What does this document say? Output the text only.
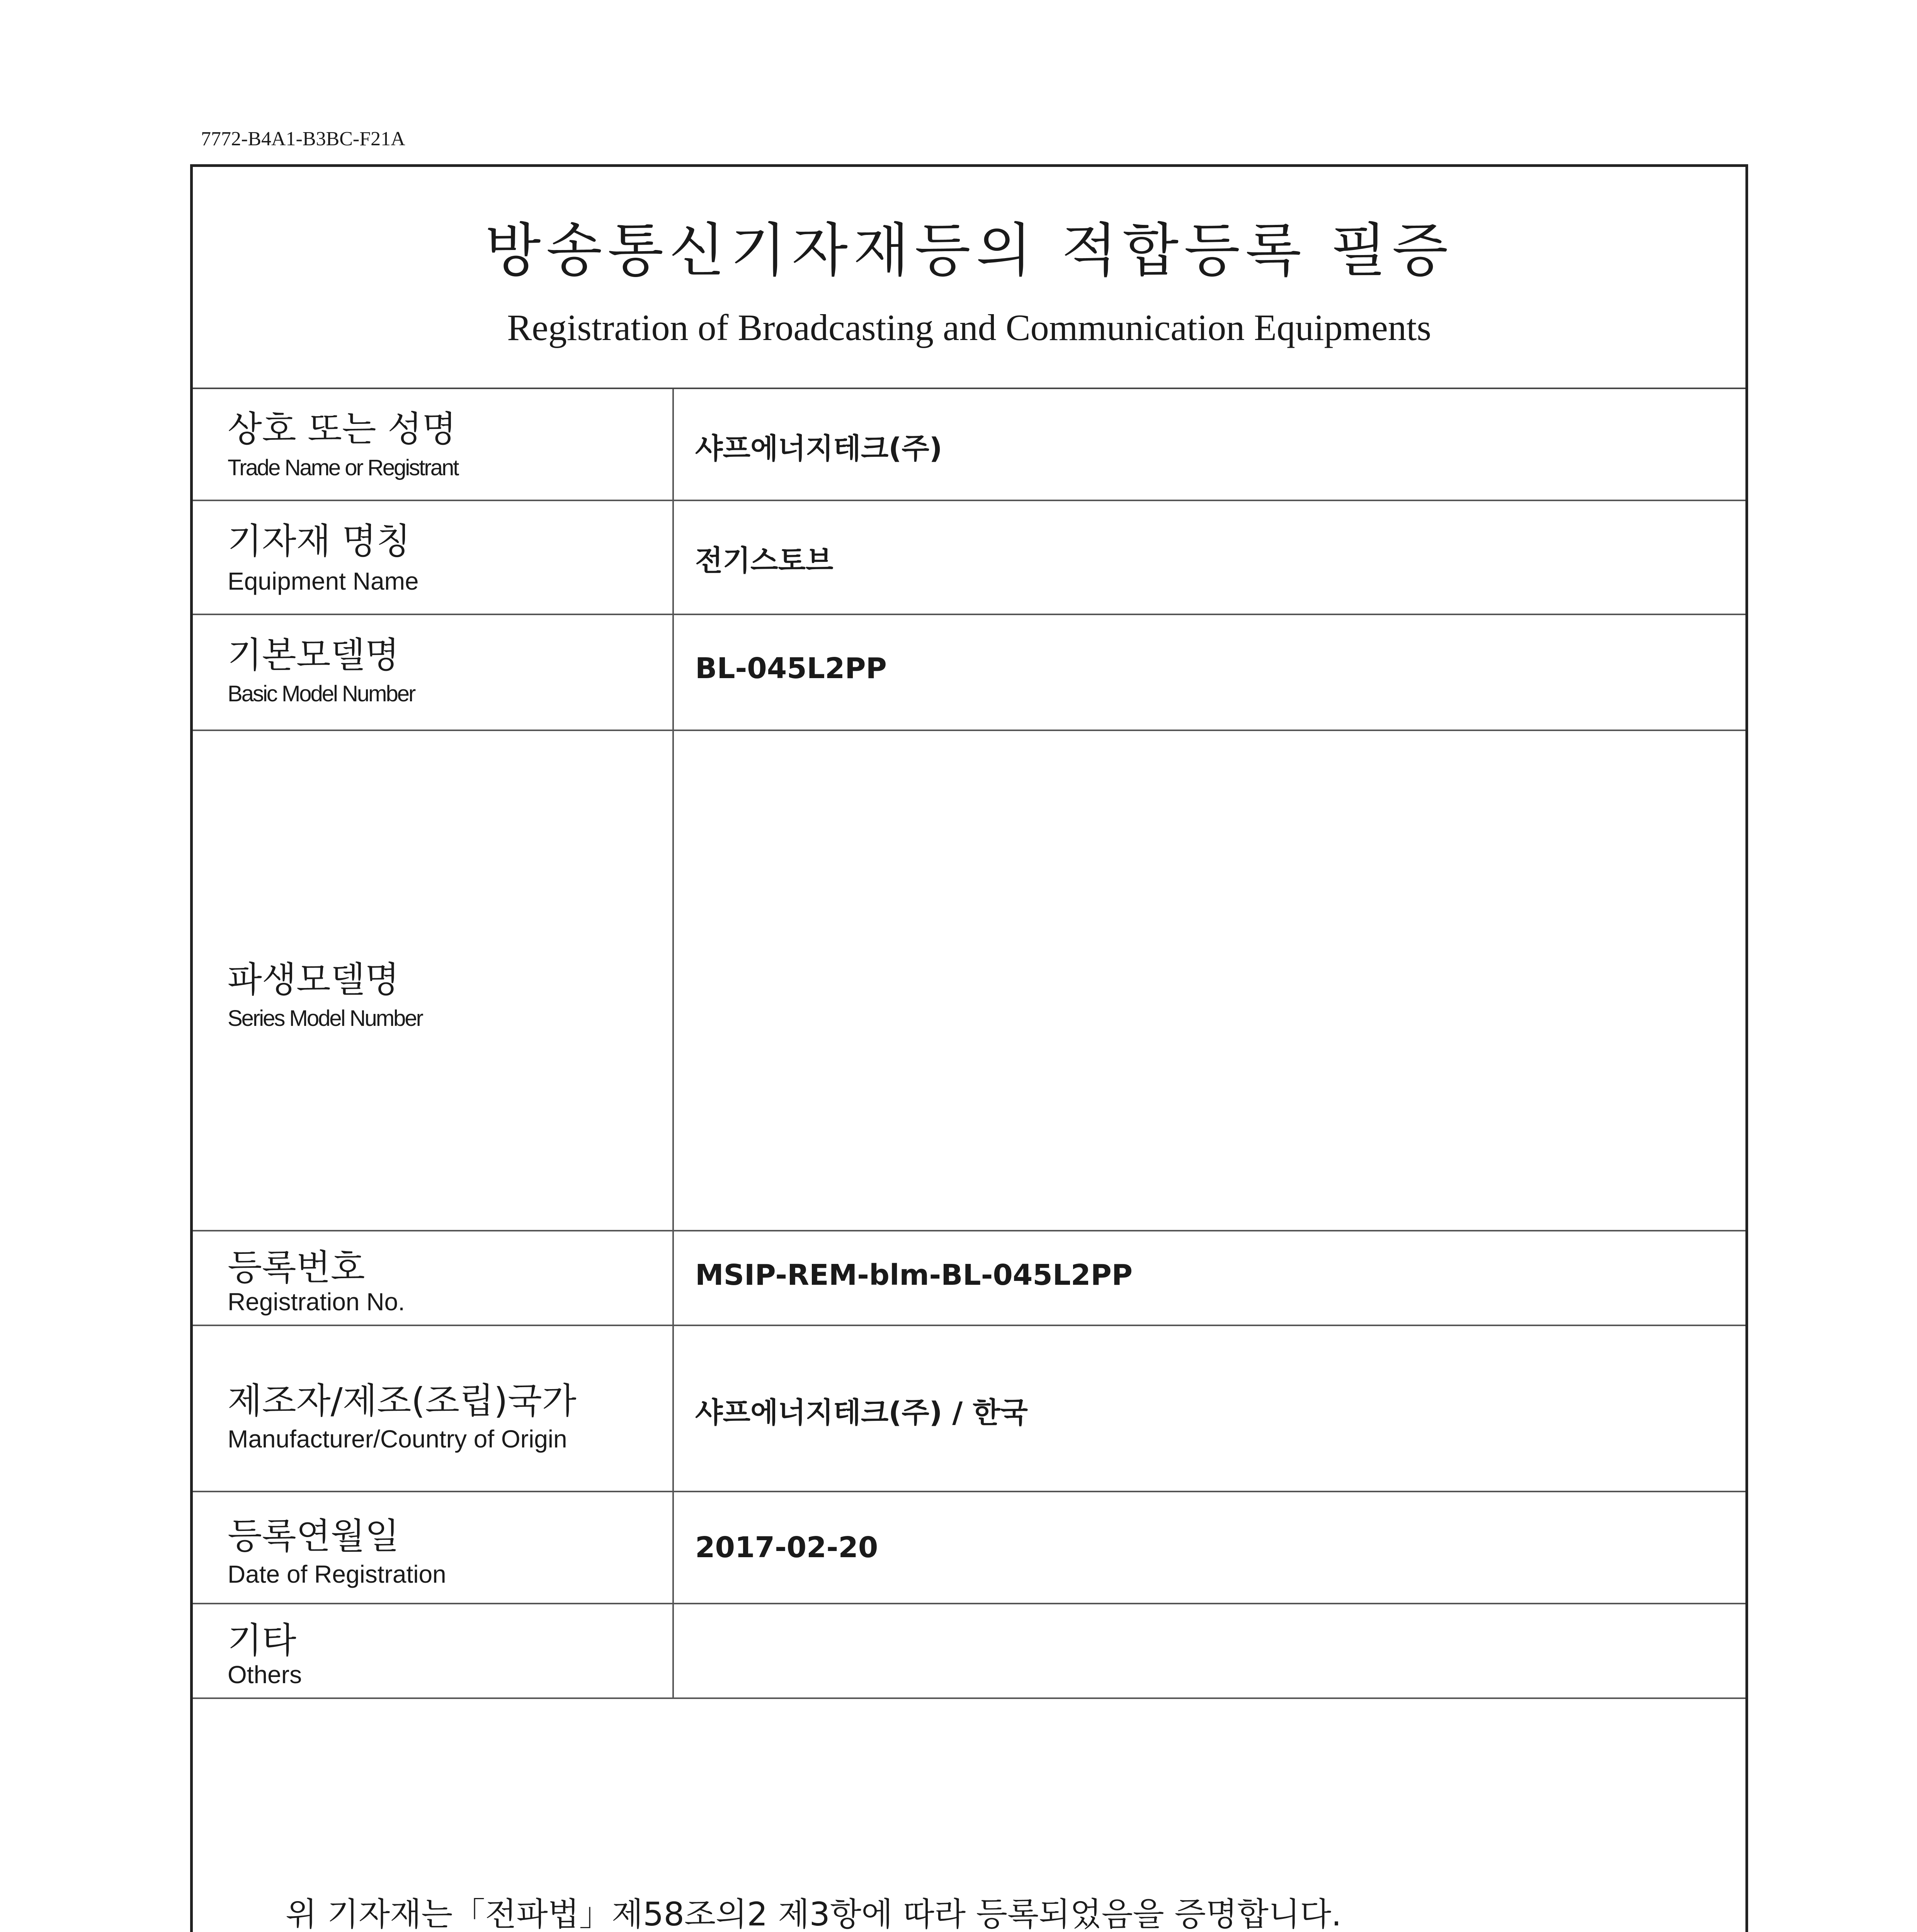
7772-B4A1-B3BC-F21A
방송통신기자재등의 적합등록 필증
Registration of Broadcasting and Communication Equipments
상호 또는 성명
Trade Name or Registrant
샤프에너지테크(주)
기자재 명칭
Equipment Name
전기스토브
기본모델명
Basic Model Number
BL-045L2PP
파생모델명
Series Model Number
등록번호
Registration No.
MSIP-REM-blm-BL-045L2PP
제조자/제조(조립)국가
Manufacturer/Country of Origin
샤프에너지테크(주) / 한국
등록연월일
Date of Registration
2017-02-20
기타
Others
위 기자재는「전파법」제58조의2 제3항에 따라 등록되었음을 증명합니다.
